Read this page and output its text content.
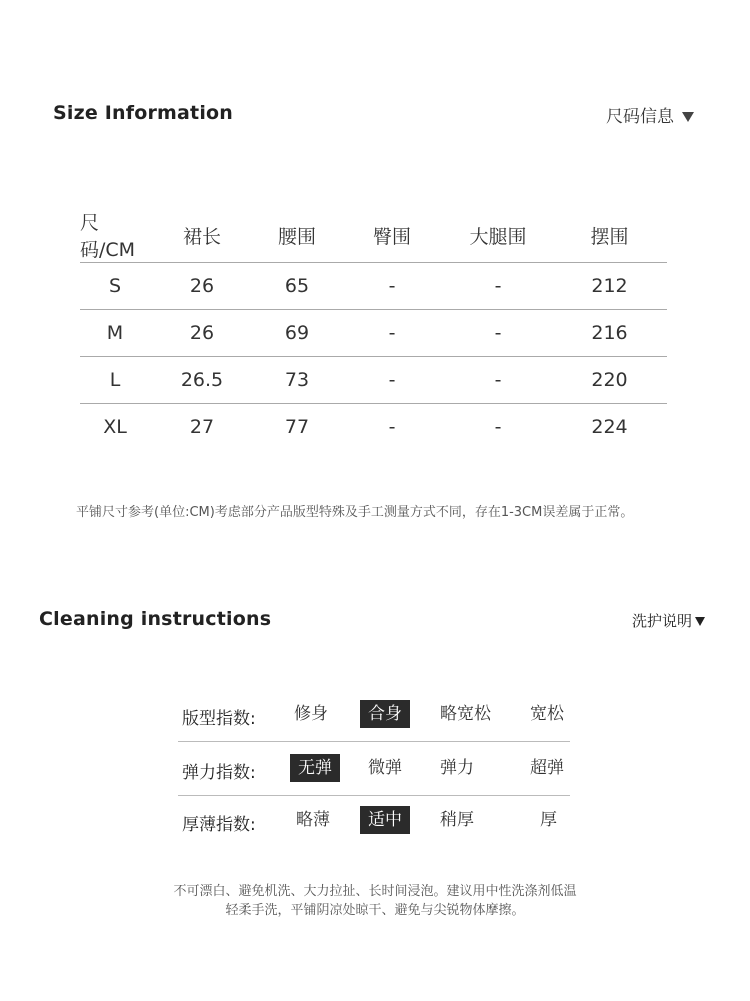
Size Information	尺码信息
尺码/CM	裙长	腰围	臀围	大腿围	摆围
S	26	65	-	-	212
M	26	69	-	-	216
L	26.5	73	-	-	220
XL	27	77	-	-	224
平铺尺寸参考(单位:CM)考虑部分产品版型特殊及手工测量方式不同，存在1-3CM误差属于正常。
Cleaning instructions	洗护说明
版型指数: 修身	合身	略宽松 宽松
弹力指数:	无弹	微弹 弹力	超弹
厚薄指数: 略薄	适中	稍厚	厚
不可漂白、避免机洗、大力拉扯、长时间浸泡。建议用中性洗涤剂低温
轻柔手洗，平铺阴凉处晾干、避免与尖锐物体摩擦。
